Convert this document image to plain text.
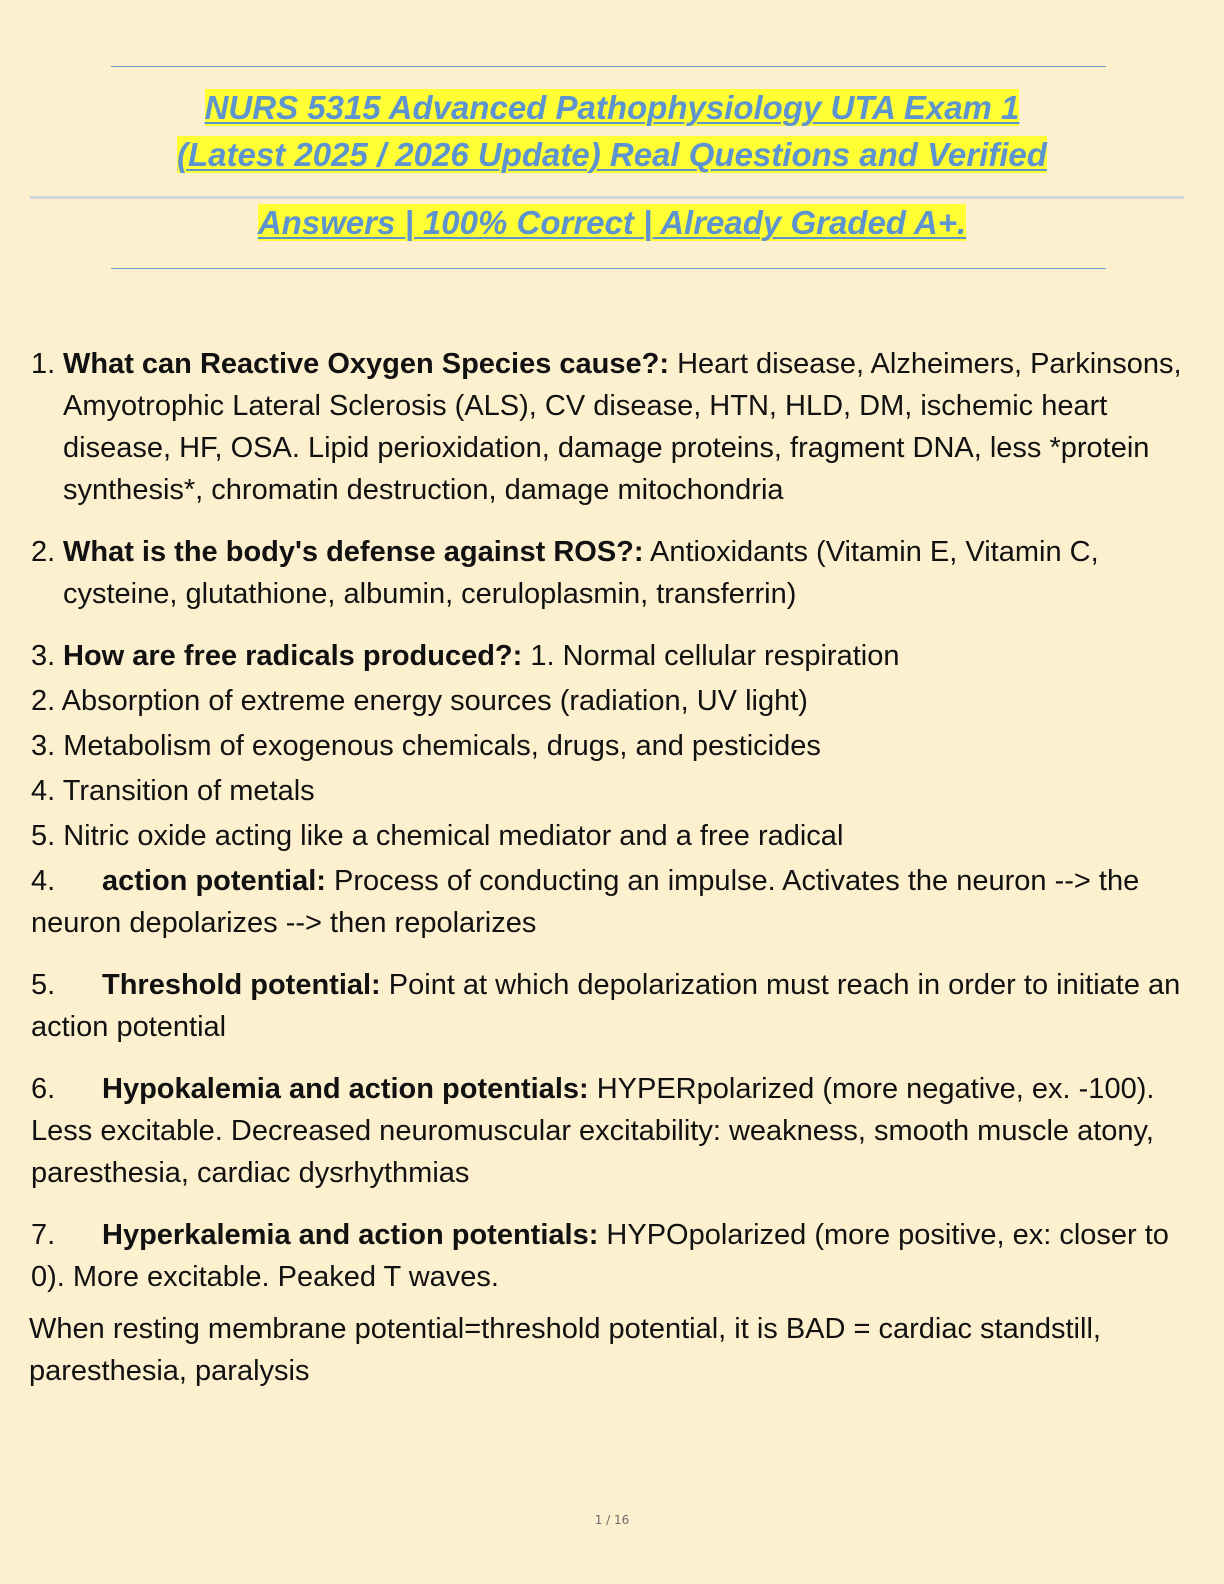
NURS 5315 Advanced Pathophysiology UTA Exam 1
(Latest 2025 / 2026 Update) Real Questions and Verified
Answers | 100% Correct | Already Graded A+.
1. What can Reactive Oxygen Species cause?: Heart disease, Alzheimers, Parkinsons, Amyotrophic Lateral Sclerosis (ALS), CV disease, HTN, HLD, DM, ischemic heart disease, HF, OSA. Lipid perioxidation, damage proteins, fragment DNA, less *protein synthesis*, chromatin destruction, damage mitochondria
2. What is the body's defense against ROS?: Antioxidants (Vitamin E, Vitamin C, cysteine, glutathione, albumin, ceruloplasmin, transferrin)
3. How are free radicals produced?: 1. Normal cellular respiration
2. Absorption of extreme energy sources (radiation, UV light)
3. Metabolism of exogenous chemicals, drugs, and pesticides
4. Transition of metals
5. Nitric oxide acting like a chemical mediator and a free radical
4. action potential: Process of conducting an impulse. Activates the neuron --> the neuron depolarizes --> then repolarizes
5. Threshold potential: Point at which depolarization must reach in order to initiate an action potential
6. Hypokalemia and action potentials: HYPERpolarized (more negative, ex. -100). Less excitable. Decreased neuromuscular excitability: weakness, smooth muscle atony, paresthesia, cardiac dysrhythmias
7. Hyperkalemia and action potentials: HYPOpolarized (more positive, ex: closer to 0). More excitable. Peaked T waves.
When resting membrane potential=threshold potential, it is BAD = cardiac standstill, paresthesia, paralysis
1 / 16
